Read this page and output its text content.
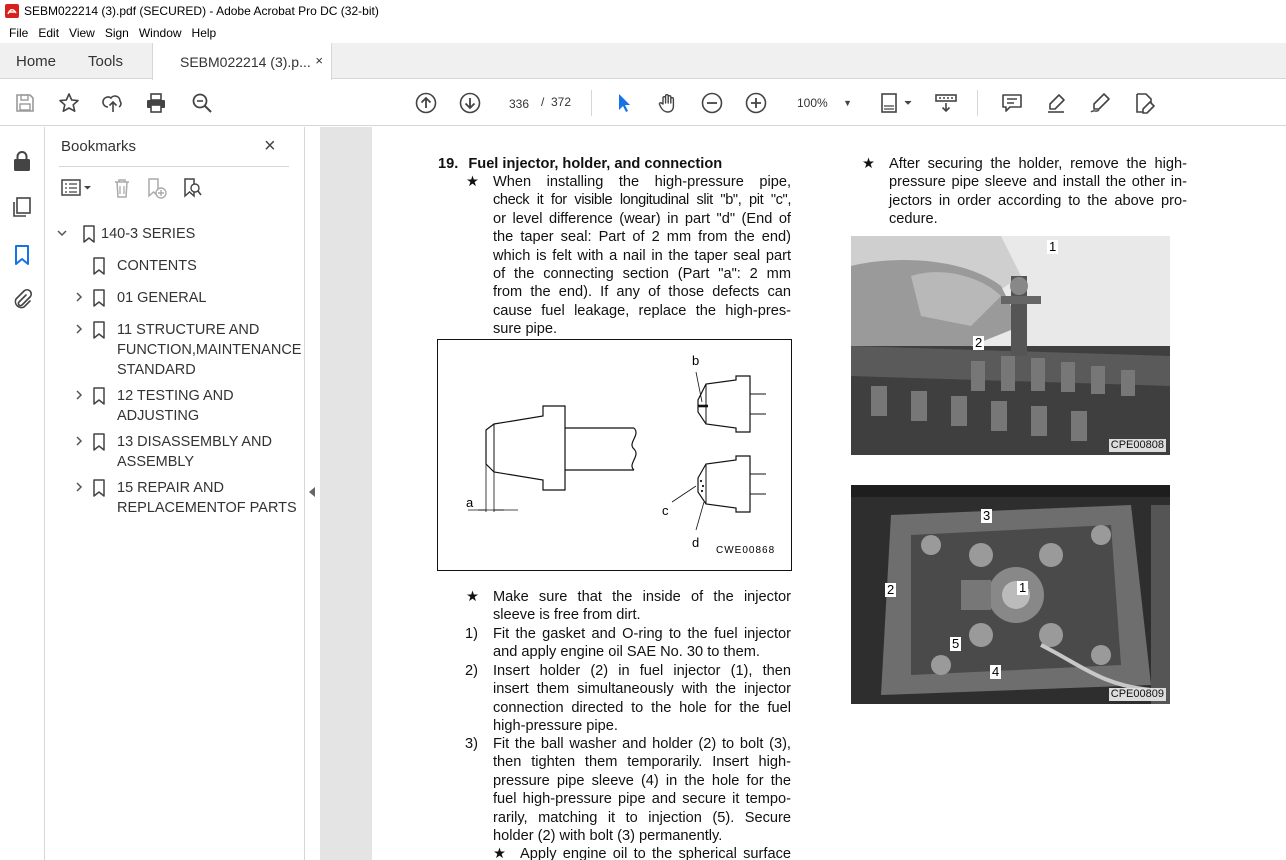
SEBM022214 (3).pdf (SECURED) - Adobe Acrobat Pro DC (32-bit)
File Edit View Sign Window Help
Home Tools	SEBM022214 (3).p... ×
336 / 372	100% ▼
Bookmarks	×
140-3 SERIES
CONTENTS
01 GENERAL
11 STRUCTURE AND
FUNCTION,MAINTENANCE
STANDARD
12 TESTING AND
ADJUSTING
13 DISASSEMBLY AND
ASSEMBLY
15 REPAIR AND
REPLACEMENTOF PARTS
19. Fuel injector, holder, and connection
★ When installing the high-pressure pipe,
check it for visible longitudinal slit "b", pit "c",
or level difference (wear) in part "d" (End of
the taper seal: Part of 2 mm from the end)
which is felt with a nail in the taper seal part
of the connecting section (Part "a": 2 mm
from the end). If any of those defects can
cause fuel leakage, replace the high-pres-
sure pipe.
a
b
c
d
CWE00868
★ Make sure that the inside of the injector
sleeve is free from dirt.
1) Fit the gasket and O-ring to the fuel injector
and apply engine oil SAE No. 30 to them.
2) Insert holder (2) in fuel injector (1), then
insert them simultaneously with the injector
connection directed to the hole for the fuel
high-pressure pipe.
3) Fit the ball washer and holder (2) to bolt (3),
then tighten them temporarily. Insert high-
pressure pipe sleeve (4) in the hole for the
fuel high-pressure pipe and secure it tempo-
rarily, matching it to injection (5). Secure
holder (2) with bolt (3) permanently.
★ Apply engine oil to the spherical surface
★ After securing the holder, remove the high-
pressure pipe sleeve and install the other in-
jectors in order according to the above pro-
cedure.
1
2
CPE00808
3
2	1
5
4
CPE00809
